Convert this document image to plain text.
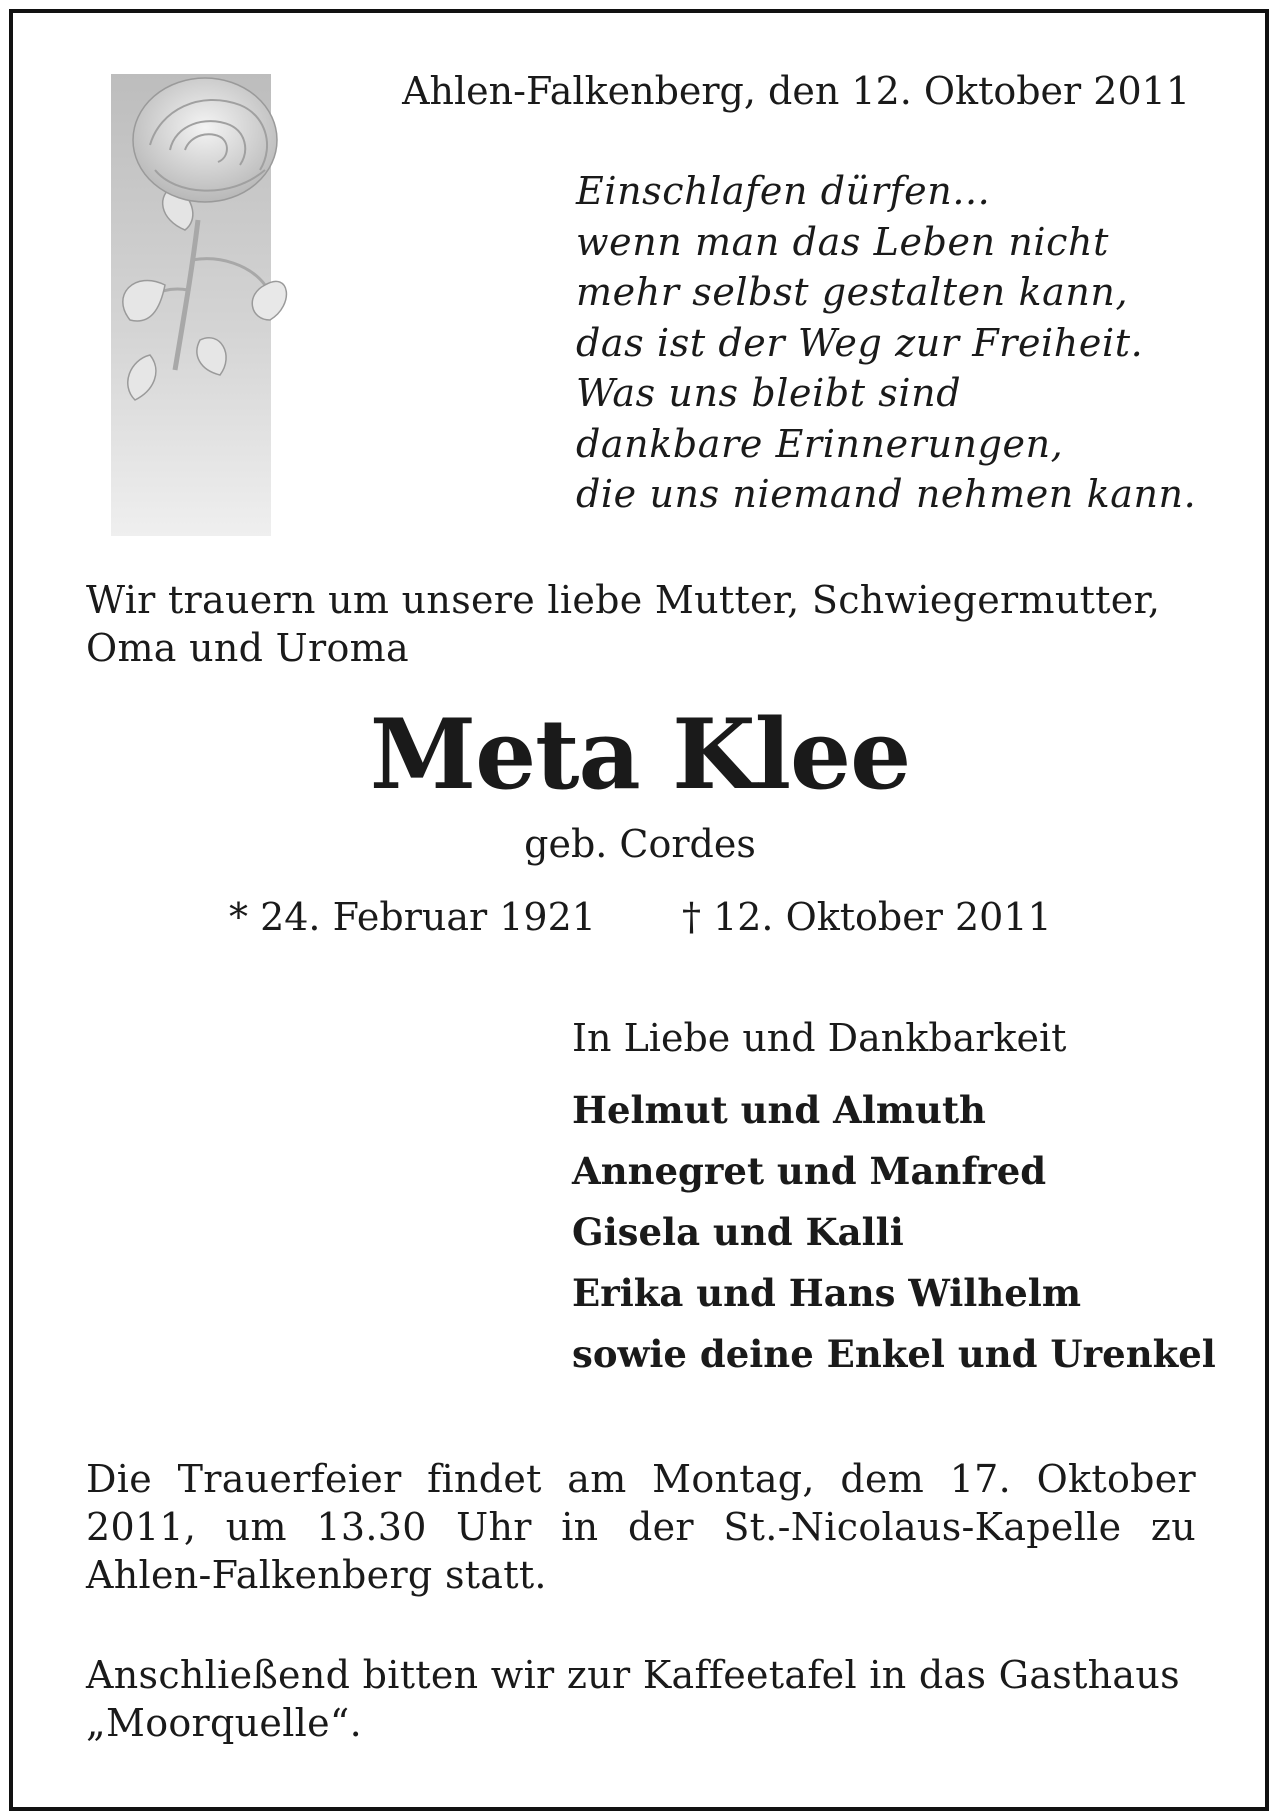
Ahlen-Falkenberg, den 12. Oktober 2011

Einschlafen dürfen...
wenn man das Leben nicht
mehr selbst gestalten kann,
das ist der Weg zur Freiheit.
Was uns bleibt sind
dankbare Erinnerungen,
die uns niemand nehmen kann.
Wir trauern um unsere liebe Mutter, Schwiegermutter,
Oma und Uroma
Meta Klee

geb. Cordes

* 24. Februar 1921 † 12. Oktober 2011

In Liebe und Dankbarkeit

Helmut und Almuth
Annegret und Manfred
Gisela und Kalli
Erika und Hans Wilhelm
sowie deine Enkel und Urenkel

Die Trauerfeier findet am Montag, dem 17. Oktober 2011, um 13.30 Uhr in der St.-Nicolaus-Kapelle zu Ahlen-Falkenberg statt.

Anschließend bitten wir zur Kaffeetafel in das Gasthaus „Moorquelle“.
